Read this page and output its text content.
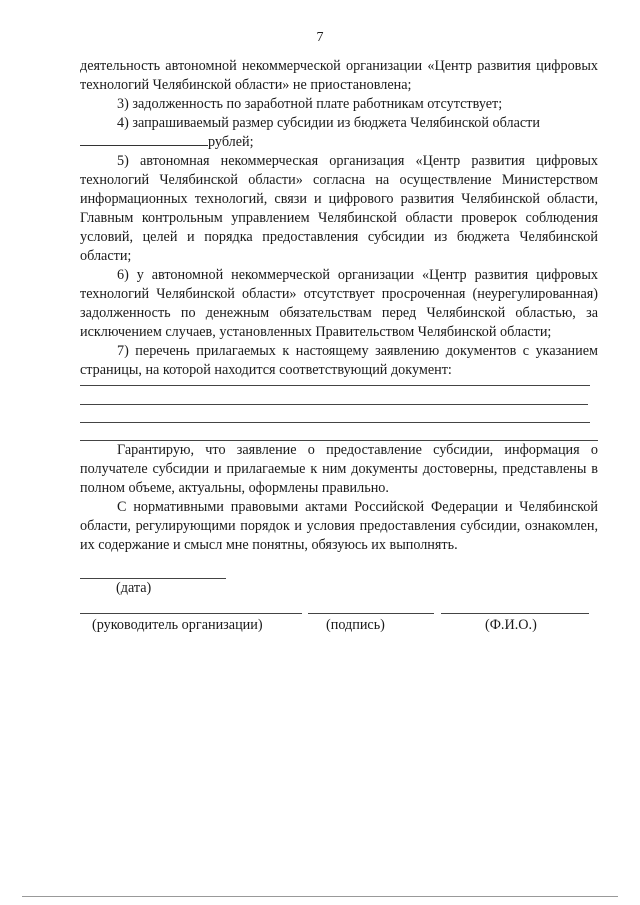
7

деятельность автономной некоммерческой организации «Центр развития цифровых технологий Челябинской области» не приостановлена;

3) задолженность по заработной плате работникам отсутствует;

4) запрашиваемый размер субсидии из бюджета Челябинской области

рублей;

5) автономная некоммерческая организация «Центр развития цифровых технологий Челябинской области» согласна на осуществление Министерством информационных технологий, связи и цифрового развития Челябинской области, Главным контрольным управлением Челябинской области проверок соблюдения условий, целей и порядка предоставления субсидии из бюджета Челябинской области;

6) у автономной некоммерческой организации «Центр развития цифровых технологий Челябинской области» отсутствует просроченная (неурегулированная) задолженность по денежным обязательствам перед Челябинской областью, за исключением случаев, установленных Правительством Челябинской области;

7) перечень прилагаемых к настоящему заявлению документов с указанием страницы, на которой находится соответствующий документ:

Гарантирую, что заявление о предоставление субсидии, информация о получателе субсидии и прилагаемые к ним документы достоверны, представлены в полном объеме, актуальны, оформлены правильно.

С нормативными правовыми актами Российской Федерации и Челябинской области, регулирующими порядок и условия предоставления субсидии, ознакомлен, их содержание и смысл мне понятны, обязуюсь их выполнять.

(дата)
(руководитель организации)	(подпись)	(Ф.И.О.)
